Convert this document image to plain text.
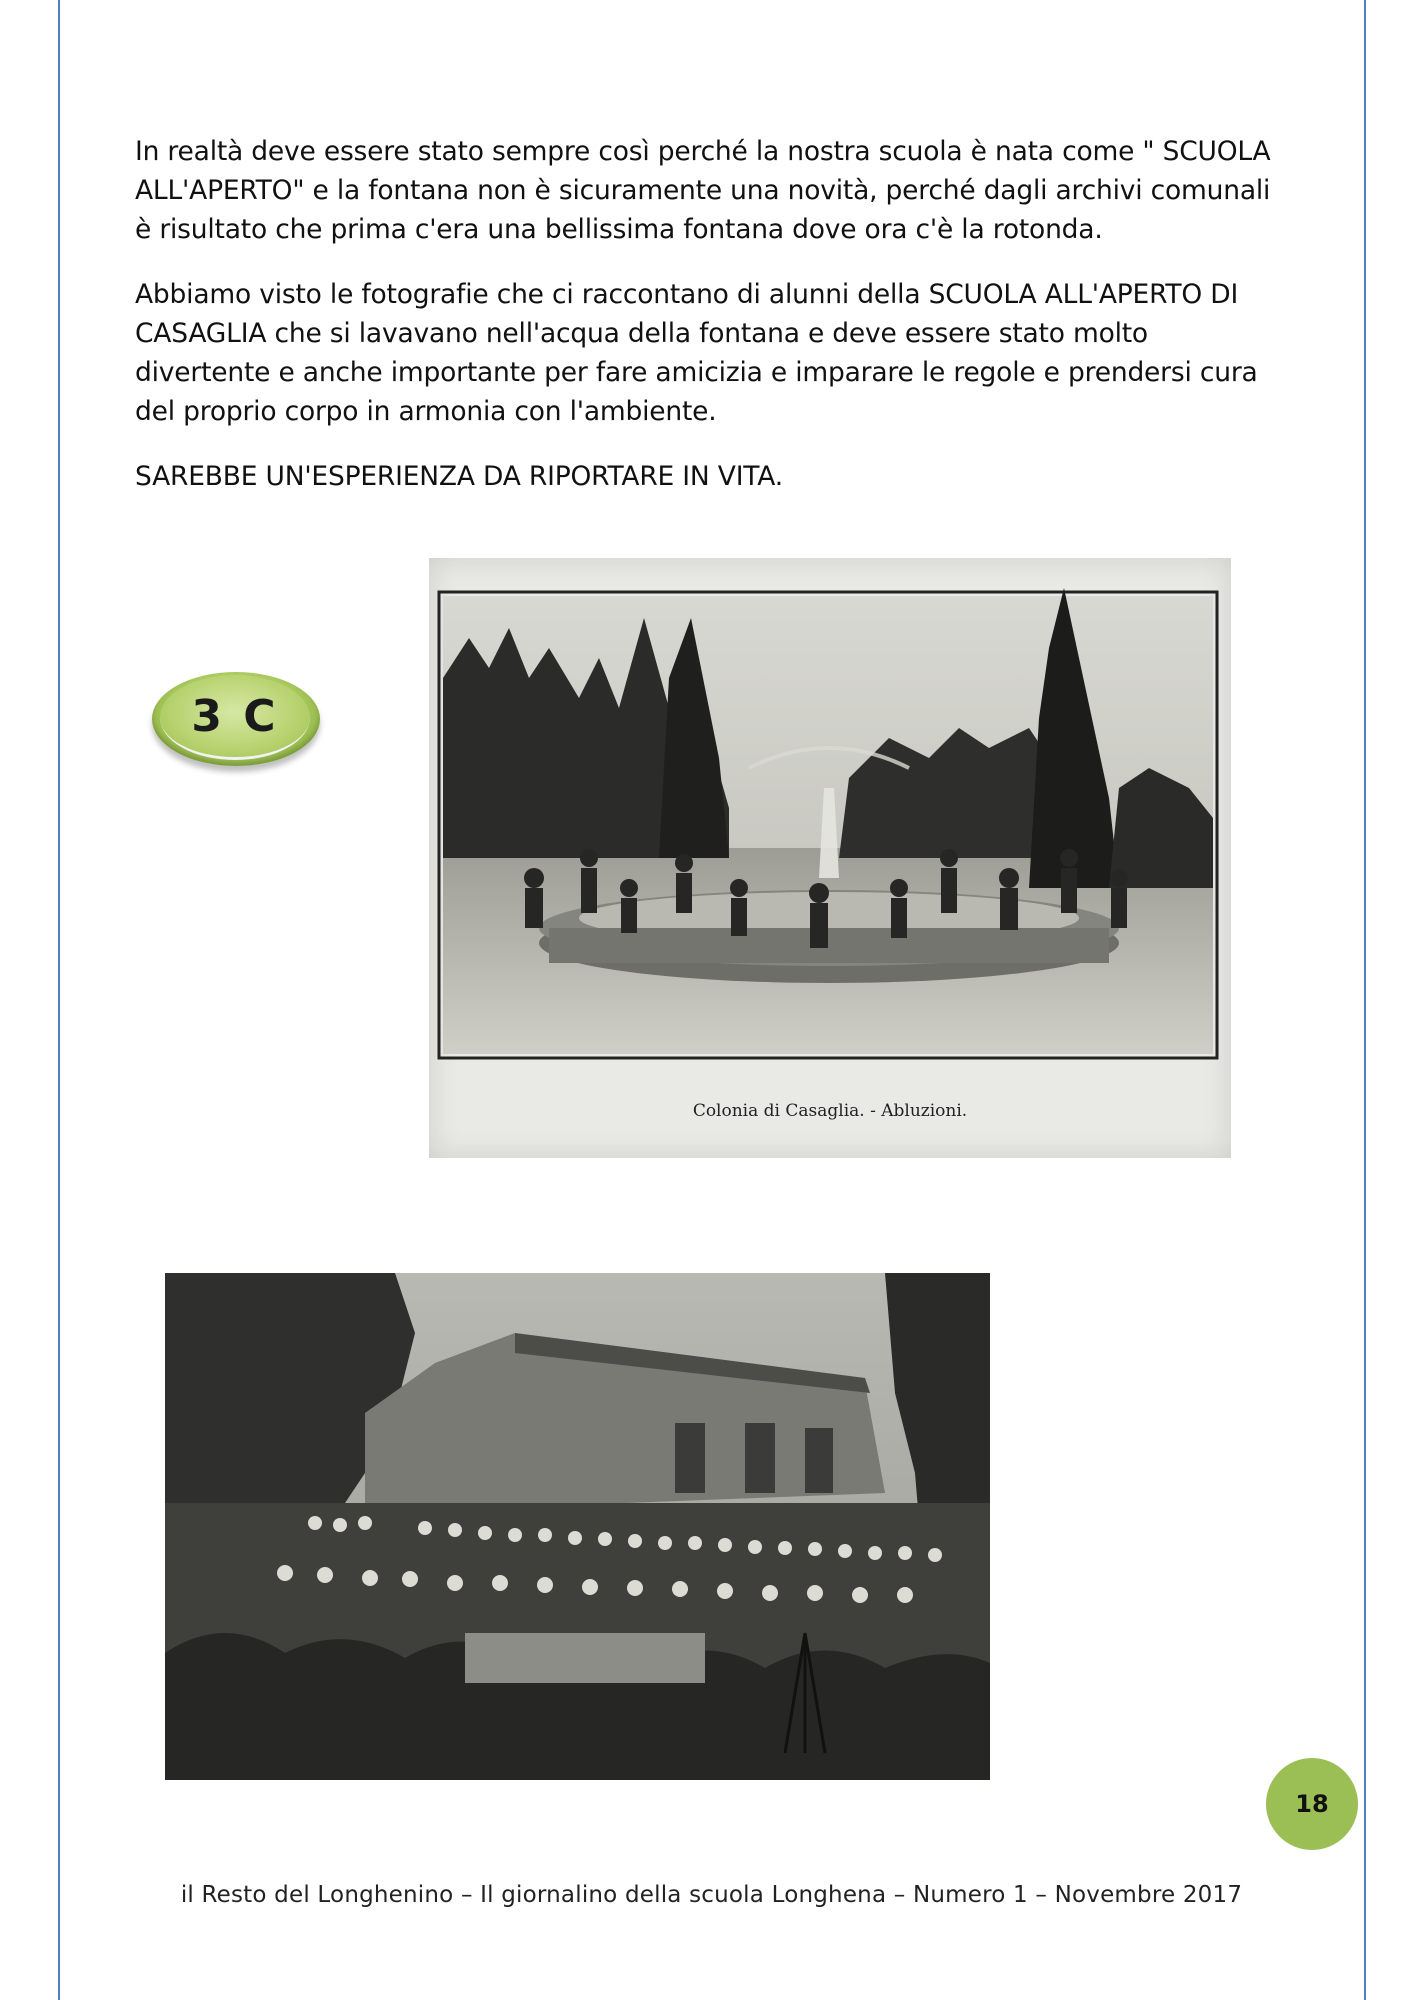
In realtà deve essere stato sempre così perché la nostra scuola è nata come " SCUOLA ALL'APERTO" e la fontana non è sicuramente una novità, perché dagli archivi comunali è risultato che prima c'era una bellissima fontana dove ora c'è la rotonda.

Abbiamo visto le fotografie che ci raccontano di alunni della SCUOLA ALL'APERTO DI CASAGLIA che si lavavano nell'acqua della fontana e deve essere stato molto divertente e anche importante per fare amicizia e imparare le regole e prendersi cura del proprio corpo in armonia con l'ambiente.

SAREBBE UN'ESPERIENZA DA RIPORTARE IN VITA.

3 C
Colonia di Casaglia. - Abluzioni.
18
il Resto del Longhenino – Il giornalino della scuola Longhena – Numero 1 – Novembre 2017
